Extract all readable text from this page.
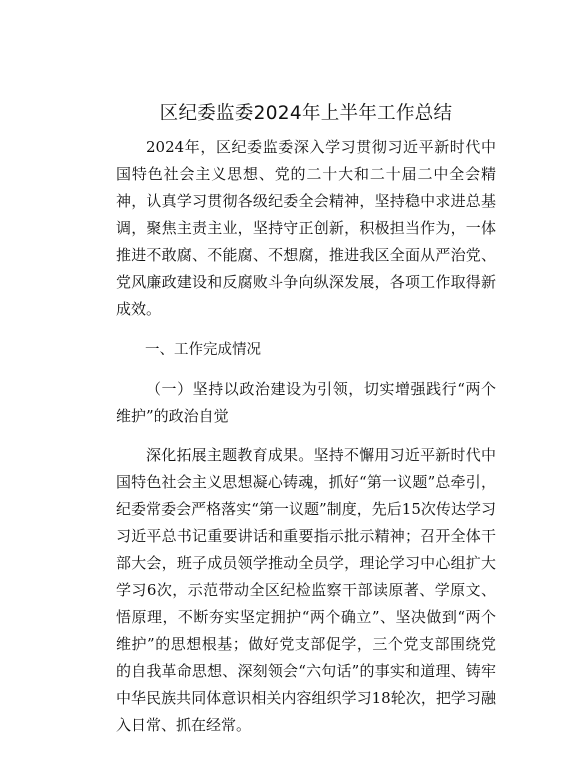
区纪委监委2024年上半年工作总结

2024年，区纪委监委深入学习贯彻习近平新时代中国特色社会主义思想、党的二十大和二十届二中全会精神，认真学习贯彻各级纪委全会精神，坚持稳中求进总基调，聚焦主责主业，坚持守正创新，积极担当作为，一体推进不敢腐、不能腐、不想腐，推进我区全面从严治党、党风廉政建设和反腐败斗争向纵深发展，各项工作取得新成效。

一、工作完成情况

（一）坚持以政治建设为引领，切实增强践行“两个维护”的政治自觉

深化拓展主题教育成果。坚持不懈用习近平新时代中国特色社会主义思想凝心铸魂，抓好“第一议题”总牵引，纪委常委会严格落实“第一议题”制度，先后15次传达学习习近平总书记重要讲话和重要指示批示精神；召开全体干部大会，班子成员领学推动全员学，理论学习中心组扩大学习6次，示范带动全区纪检监察干部读原著、学原文、悟原理，不断夯实坚定拥护“两个确立”、坚决做到“两个维护”的思想根基；做好党支部促学，三个党支部围绕党的自我革命思想、深刻领会“六句话”的事实和道理、铸牢中华民族共同体意识相关内容组织学习18轮次，把学习融入日常、抓在经常。
